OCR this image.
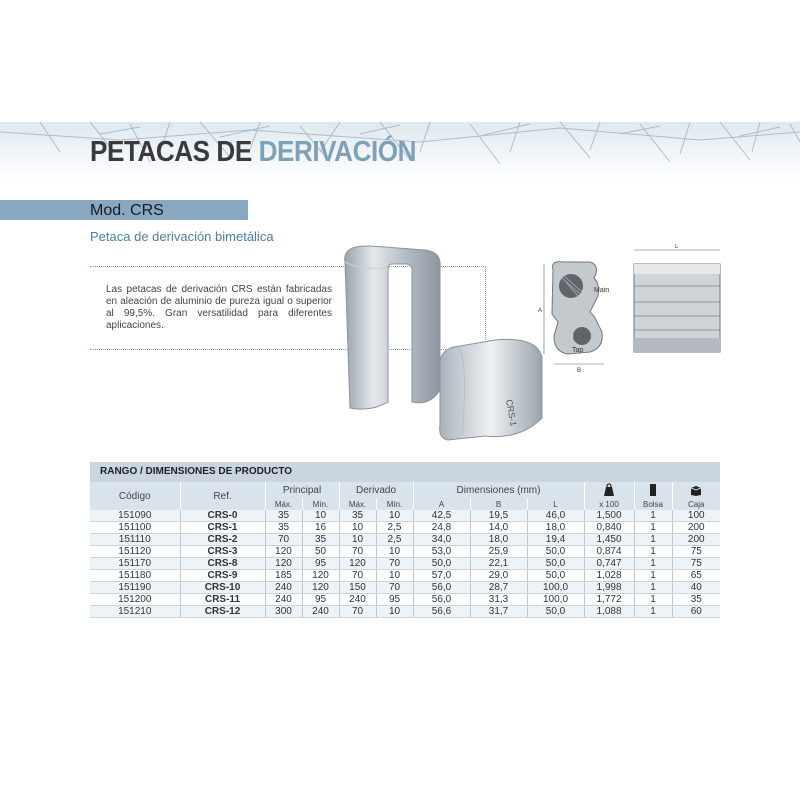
PETACAS DE DERIVACIÓN
Mod. CRS
Petaca de derivación bimetálica
Las petacas de derivación CRS están fabricadas en aleación de aluminio de pureza igual o superior al 99,5%. Gran versatilidad para diferentes aplicaciones.
CRS-1
Main
Tap
A
B
L
RANGO / DIMENSIONES DE PRODUCTO
Código	Ref.	Principal		Derivado		Dimensiones (mm)			
		Máx.	Mín.	Máx.	Mín.	A	B	L	x 100	Bolsa	Caja
151090	CRS-0	35	10	35	10	42,5	19,5	46,0	1,500	1	100
151100	CRS-1	35	16	10	2,5	24,8	14,0	18,0	0,840	1	200
151110	CRS-2	70	35	10	2,5	34,0	18,0	19,4	1,450	1	200
151120	CRS-3	120	50	70	10	53,0	25,9	50,0	0,874	1	75
151170	CRS-8	120	95	120	70	50,0	22,1	50,0	0,747	1	75
151180	CRS-9	185	120	70	10	57,0	29,0	50,0	1,028	1	65
151190	CRS-10	240	120	150	70	56,0	28,7	100,0	1,998	1	40
151200	CRS-11	240	95	240	95	56,0	31,3	100,0	1,772	1	35
151210	CRS-12	300	240	70	10	56,6	31,7	50,0	1,088	1	60
